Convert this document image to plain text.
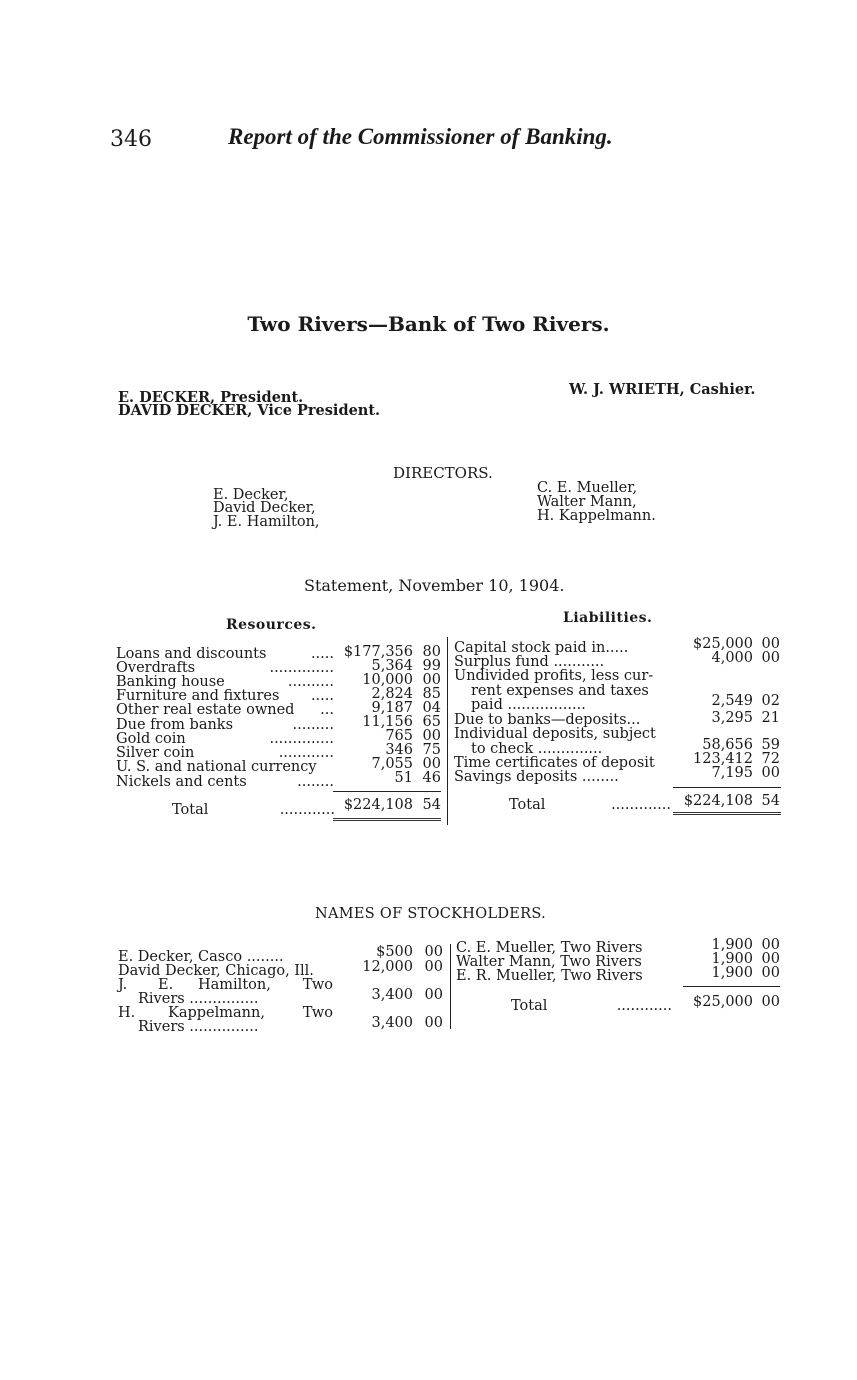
346	Report of the Commissioner of Banking.
Two Rivers—Bank of Two Rivers.
E. DECKER, President.
DAVID DECKER, Vice President.
W. J. WRIETH, Cashier.
DIRECTORS.
E. Decker,
David Decker,
J. E. Hamilton,
C. E. Mueller,
Walter Mann,
H. Kappelmann.
Statement, November 10, 1904.
Resources.
Loans and discounts	..... $177,356 80
Overdrafts	..............	5,364 99
Banking house	.......... 10,000 00
Furniture and fixtures .....	2,824 85
Other real estate owned ...	9,187 04
Due from banks	......... 11,156 65
Gold coin	..............	765 00
Silver coin	............	346 75
U. S. and national currency	7,055 00
Nickels and cents	........	51 46
Total	............ $224,108 54
Liabilities.
Capital stock paid in.....	$25,000 00
Surplus fund ...........	4,000 00
Undivided profits, less cur-
rent expenses and taxes
paid .................	2,549 02
Due to banks—deposits...	3,295 21
Individual deposits, subject
to check ..............	58,656 59
Time certificates of deposit	123,412 72
Savings deposits ........	7,195 00
Total	............. $224,108 54
NAMES OF STOCKHOLDERS.
E. Decker, Casco ........	$500 00
David Decker, Chicago, Ill.	12,000 00
J. E. Hamilton, Two
Rivers ...............	3,400 00
H. Kappelmann,	Two
Rivers ...............	3,400 00
C. E. Mueller, Two Rivers	1,900 00
Walter Mann, Two Rivers	1,900 00
E. R. Mueller, Two Rivers	1,900 00
Total	............ $25,000 00
